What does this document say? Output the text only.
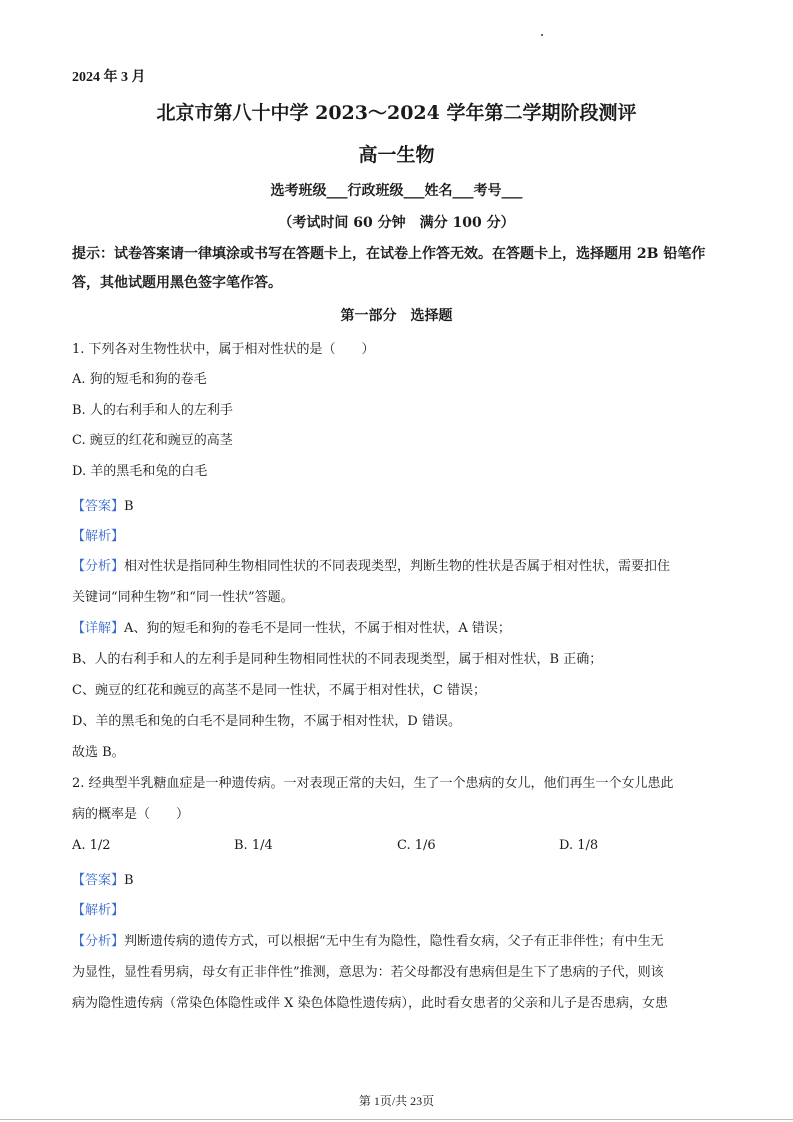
2024 年 3 月
北京市第八十中学 2023～2024 学年第二学期阶段测评
高一生物
选考班级___行政班级___姓名___考号___
（考试时间 60 分钟　满分 100 分）
提示：试卷答案请一律填涂或书写在答题卡上，在试卷上作答无效。在答题卡上，选择题用 2B 铅笔作答，其他试题用黑色签字笔作答。
第一部分　选择题
1. 下列各对生物性状中，属于相对性状的是（　　）
A. 狗的短毛和狗的卷毛
B. 人的右利手和人的左利手
C. 豌豆的红花和豌豆的高茎
D. 羊的黑毛和兔的白毛
【答案】B
【解析】
【分析】相对性状是指同种生物相同性状的不同表现类型，判断生物的性状是否属于相对性状，需要扣住
关键词“同种生物”和“同一性状”答题。
【详解】A、狗的短毛和狗的卷毛不是同一性状，不属于相对性状，A 错误；
B、人的右利手和人的左利手是同种生物相同性状的不同表现类型，属于相对性状，B 正确；
C、豌豆的红花和豌豆的高茎不是同一性状，不属于相对性状，C 错误；
D、羊的黑毛和兔的白毛不是同种生物，不属于相对性状，D 错误。
故选 B。
2. 经典型半乳糖血症是一种遗传病。一对表现正常的夫妇，生了一个患病的女儿，他们再生一个女儿患此
病的概率是（　　）
A. 1/2	B. 1/4	C. 1/6	D. 1/8
【答案】B
【解析】
【分析】判断遗传病的遗传方式，可以根据“无中生有为隐性，隐性看女病，父子有正非伴性；有中生无
为显性，显性看男病，母女有正非伴性”推测，意思为：若父母都没有患病但是生下了患病的子代，则该
病为隐性遗传病（常染色体隐性或伴 X 染色体隐性遗传病），此时看女患者的父亲和儿子是否患病，女患
第 1页/共 23页
